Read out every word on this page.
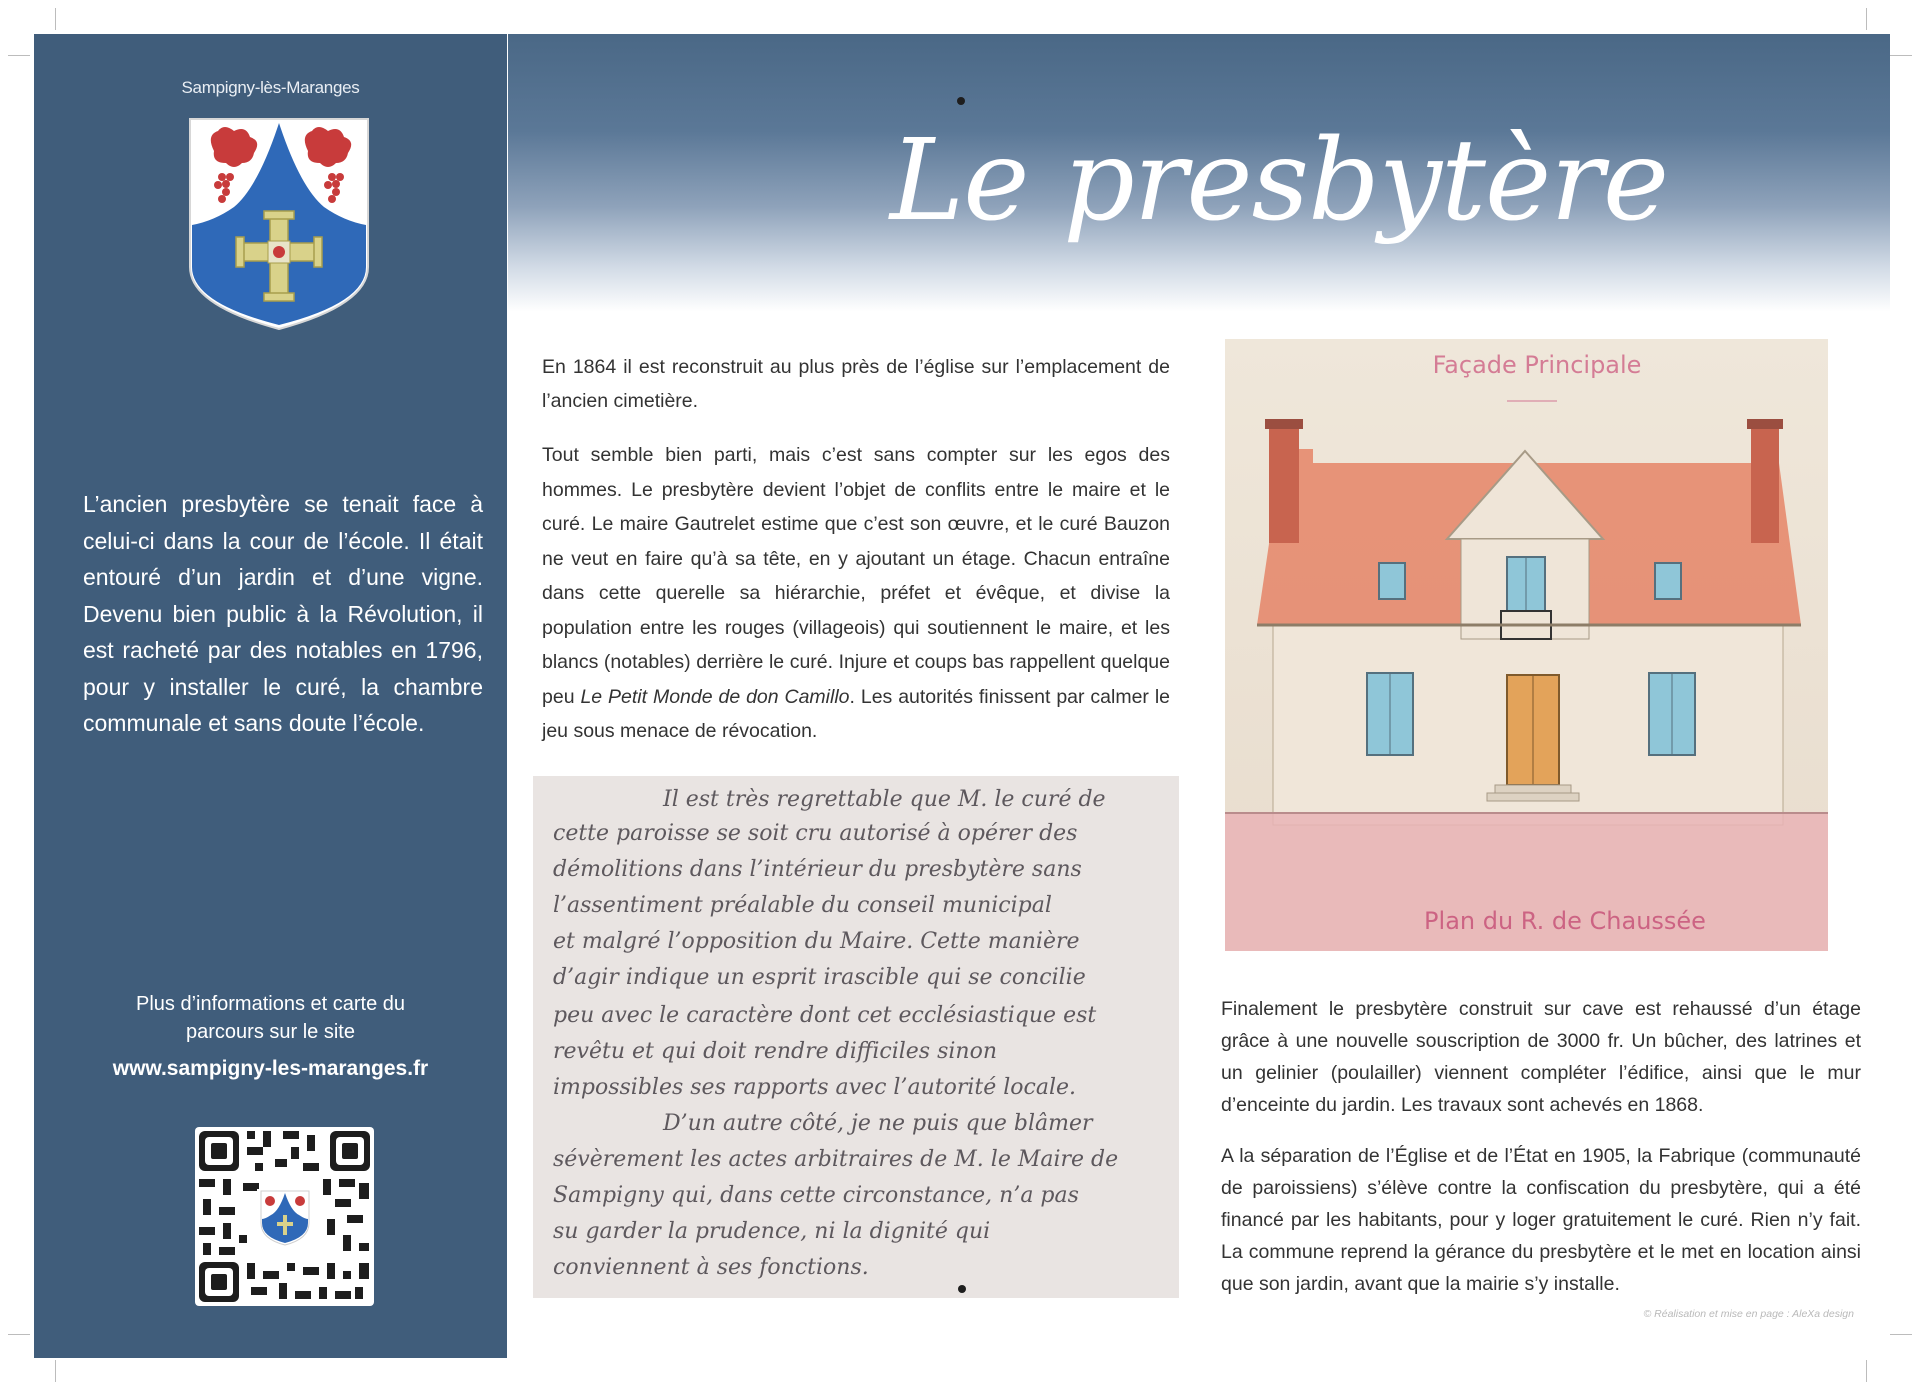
Sampigny-lès-Maranges
L’ancien presbytère se tenait face à celui-ci dans la cour de l’école. Il était entouré d’un jardin et d’une vigne. Devenu bien public à la Révolution, il est racheté par des notables en 1796, pour y installer le curé, la chambre communale et sans doute l’école.
Plus d’informations et carte du
parcours sur le site
www.sampigny-les-maranges.fr
Le presbytère

En 1864 il est reconstruit au plus près de l’église sur l’emplacement de l’ancien cimetière.

Tout semble bien parti, mais c’est sans compter sur les egos des hommes. Le presbytère devient l’objet de conflits entre le maire et le curé. Le maire Gautrelet estime que c’est son œuvre, et le curé Bauzon ne veut en faire qu’à sa tête, en y ajoutant un étage. Chacun entraîne dans cette querelle sa hiérarchie, préfet et évêque, et divise la population entre les rouges (villageois) qui soutiennent le maire, et les blancs (notables) derrière le curé. Injure et coups bas rappellent quelque peu Le Petit Monde de don Camillo. Les autorités finissent par calmer le jeu sous menace de révocation.

Façade Principale
Plan du R. de Chaussée
Il est très regrettable que M. le curé de
cette paroisse se soit cru autorisé à opérer des
démolitions dans l’intérieur du presbytère sans
l’assentiment préalable du conseil municipal
et malgré l’opposition du Maire. Cette manière
d’agir indique un esprit irascible qui se concilie
peu avec le caractère dont cet ecclésiastique est
revêtu et qui doit rendre difficiles sinon
impossibles ses rapports avec l’autorité locale.
D’un autre côté, je ne puis que blâmer
sévèrement les actes arbitraires de M. le Maire de
Sampigny qui, dans cette circonstance, n’a pas
su garder la prudence, ni la dignité qui
conviennent à ses fonctions.

Finalement le presbytère construit sur cave est rehaussé d’un étage grâce à une nouvelle souscription de 3000 fr. Un bûcher, des latrines et un gelinier (poulailler) viennent compléter l’édifice, ainsi que le mur d’enceinte du jardin. Les travaux sont achevés en 1868.

A la séparation de l’Église et de l’État en 1905, la Fabrique (communauté de paroissiens) s’élève contre la confiscation du presbytère, qui a été financé par les habitants, pour y loger gratuitement le curé. Rien n’y fait. La commune reprend la gérance du presbytère et le met en location ainsi que son jardin, avant que la mairie s’y installe.

© Réalisation et mise en page : AleXa design
